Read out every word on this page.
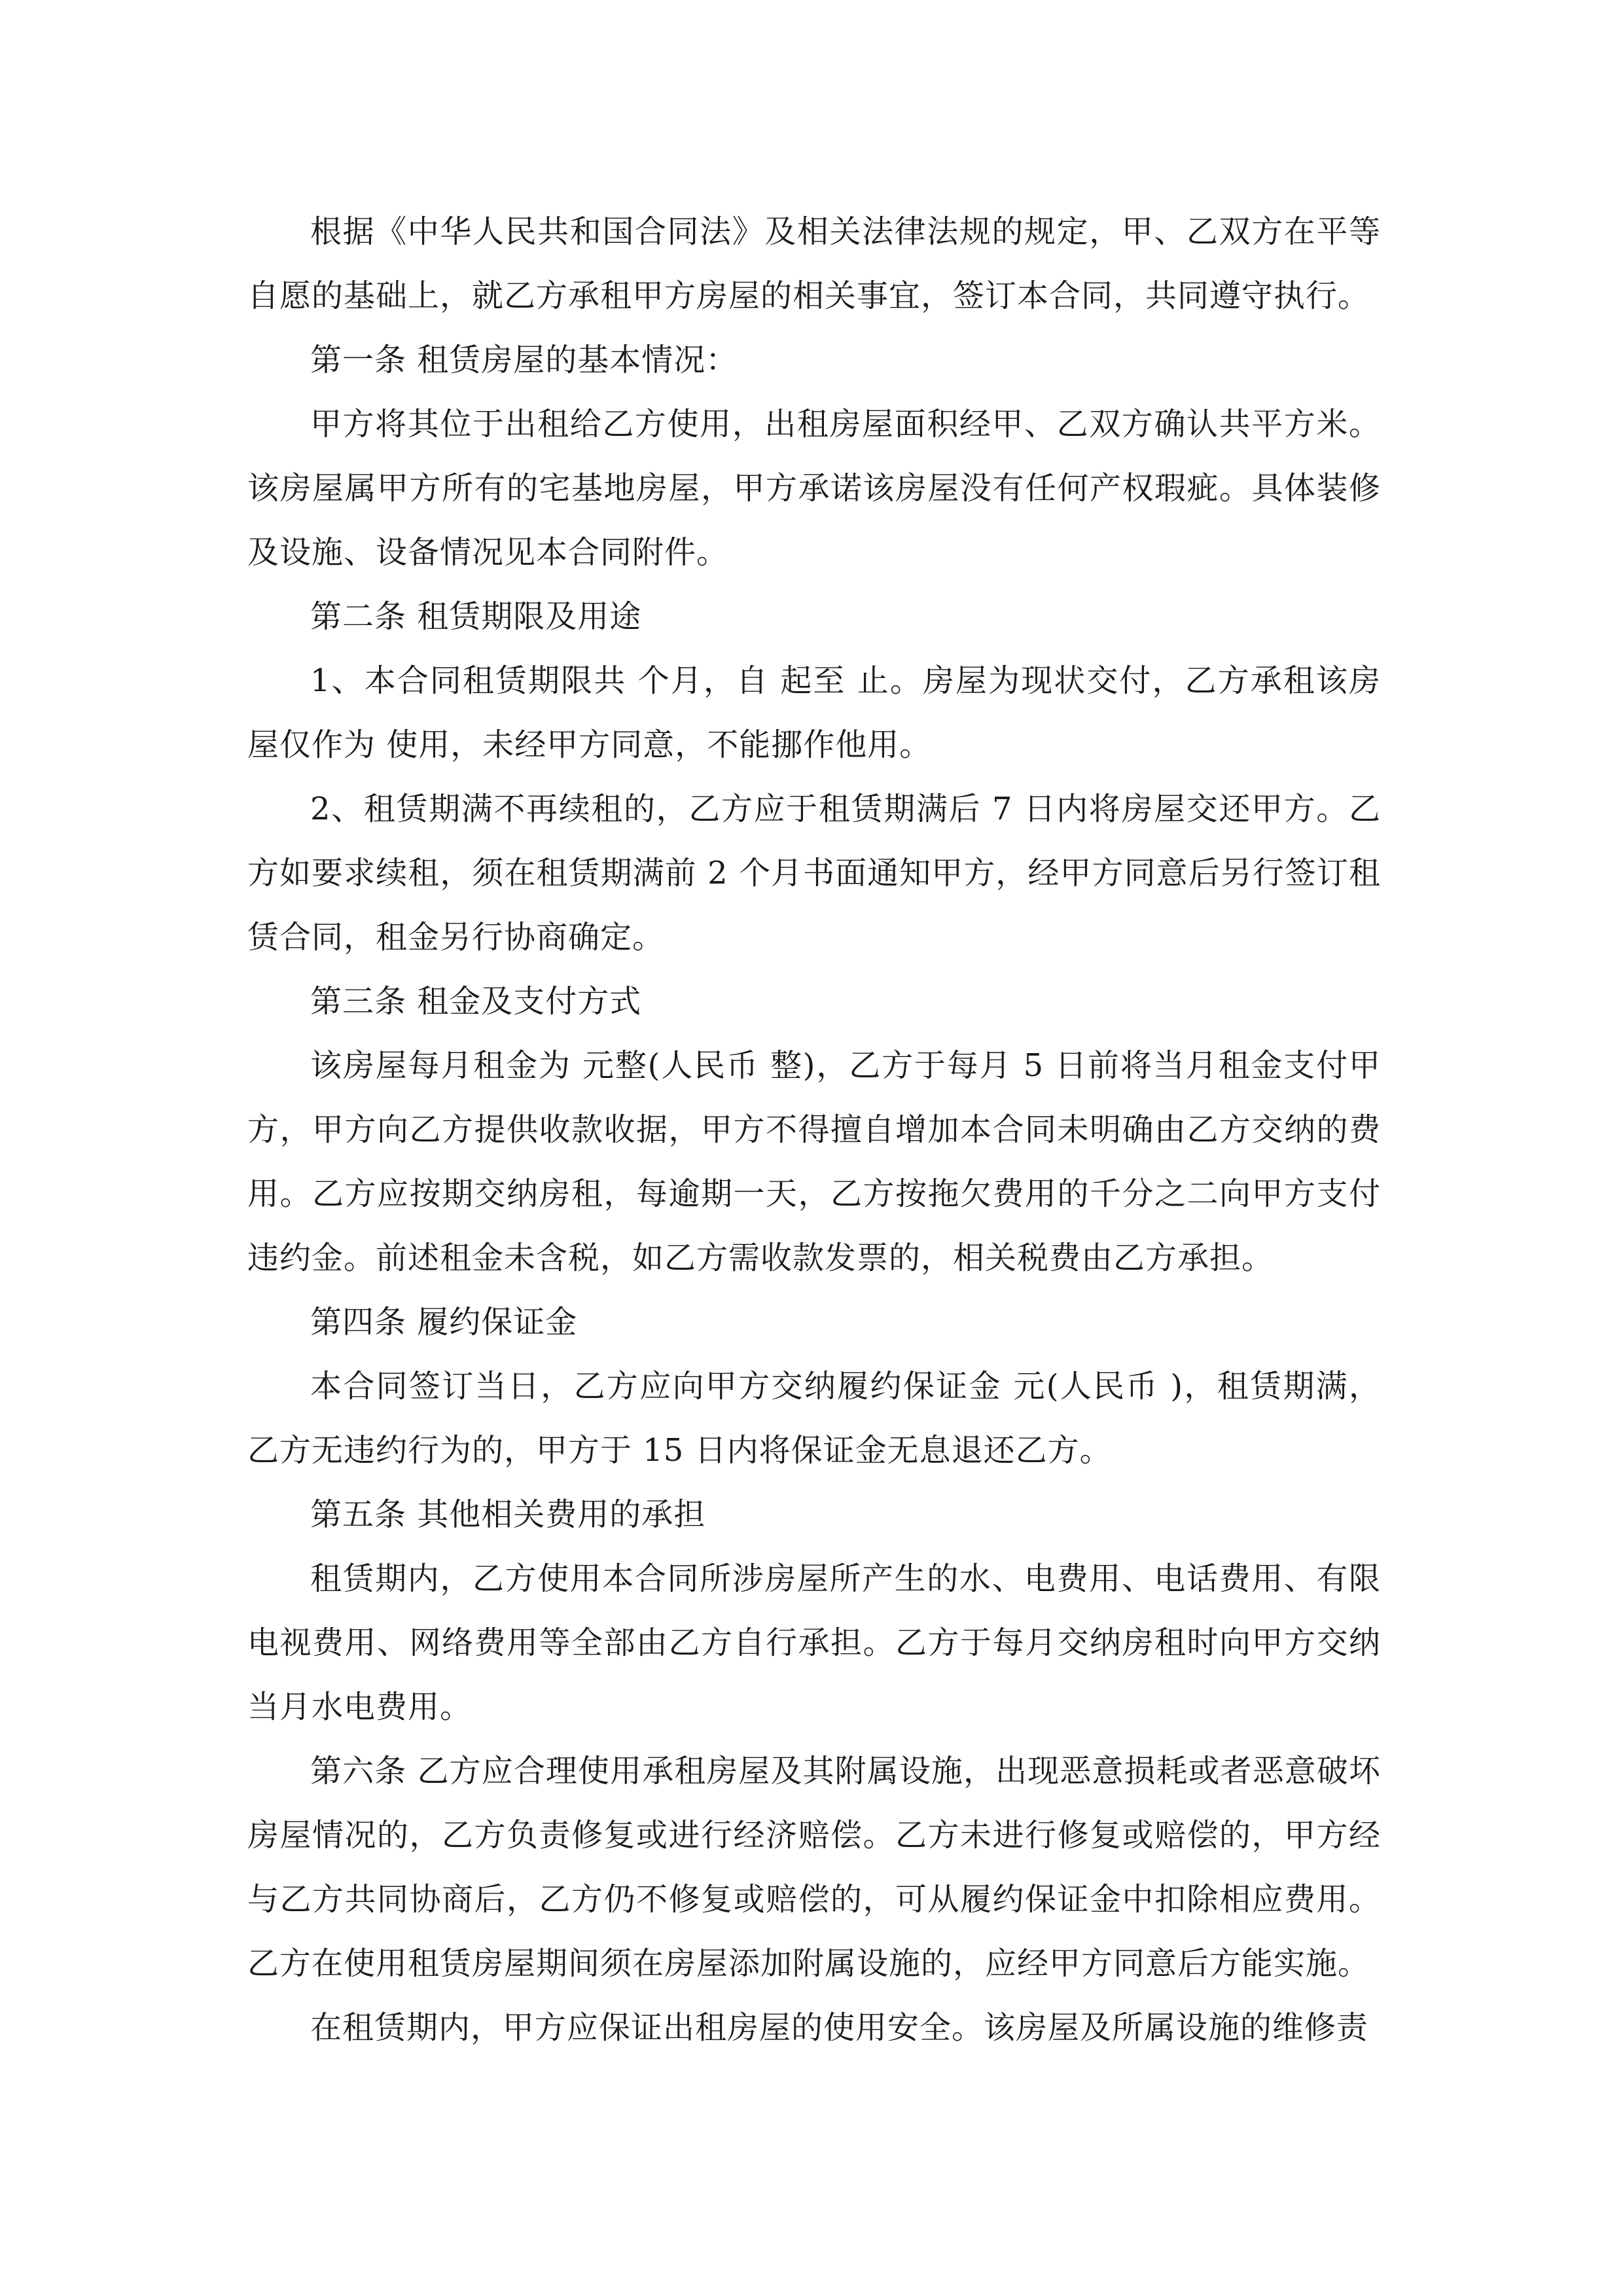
根据《中华人民共和国合同法》及相关法律法规的规定，甲、乙双方在平等自愿的基础上，就乙方承租甲方房屋的相关事宜，签订本合同，共同遵守执行。

第一条 租赁房屋的基本情况：

甲方将其位于出租给乙方使用，出租房屋面积经甲、乙双方确认共平方米。该房屋属甲方所有的宅基地房屋，甲方承诺该房屋没有任何产权瑕疵。具体装修及设施、设备情况见本合同附件。

第二条 租赁期限及用途

1、本合同租赁期限共 个月，自 起至 止。房屋为现状交付，乙方承租该房屋仅作为 使用，未经甲方同意，不能挪作他用。

2、租赁期满不再续租的，乙方应于租赁期满后 7 日内将房屋交还甲方。乙方如要求续租，须在租赁期满前 2 个月书面通知甲方，经甲方同意后另行签订租赁合同，租金另行协商确定。

第三条 租金及支付方式

该房屋每月租金为 元整(人民币 整)，乙方于每月 5 日前将当月租金支付甲方，甲方向乙方提供收款收据，甲方不得擅自增加本合同未明确由乙方交纳的费用。乙方应按期交纳房租，每逾期一天，乙方按拖欠费用的千分之二向甲方支付违约金。前述租金未含税，如乙方需收款发票的，相关税费由乙方承担。

第四条 履约保证金

本合同签订当日，乙方应向甲方交纳履约保证金 元(人民币 )，租赁期满，乙方无违约行为的，甲方于 15 日内将保证金无息退还乙方。

第五条 其他相关费用的承担

租赁期内，乙方使用本合同所涉房屋所产生的水、电费用、电话费用、有限电视费用、网络费用等全部由乙方自行承担。乙方于每月交纳房租时向甲方交纳当月水电费用。

第六条 乙方应合理使用承租房屋及其附属设施，出现恶意损耗或者恶意破坏房屋情况的，乙方负责修复或进行经济赔偿。乙方未进行修复或赔偿的，甲方经与乙方共同协商后，乙方仍不修复或赔偿的，可从履约保证金中扣除相应费用。乙方在使用租赁房屋期间须在房屋添加附属设施的，应经甲方同意后方能实施。

在租赁期内，甲方应保证出租房屋的使用安全。该房屋及所属设施的维修责
